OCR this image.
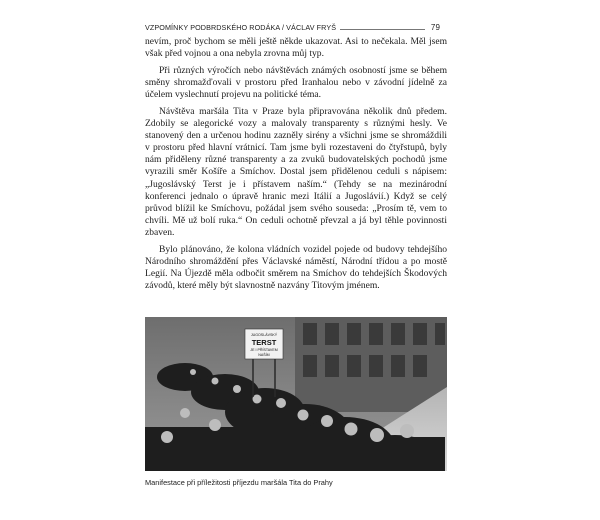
VZPOMÍNKY PODBRDSKÉHO RODÁKA / VÁCLAV FRYŠ	79

nevím, proč bychom se měli ještě někde ukazovat. Asi to nečekala. Měl jsem však před vojnou a ona nebyla zrovna můj typ.

Při různých výročích nebo návštěvách známých osobností jsme se během směny shromažďovali v prostoru před Iranhalou nebo v závodní jídelně za účelem vyslechnutí projevu na politické téma.

Návštěva maršála Tita v Praze byla připravována několik dnů předem. Zdobily se alegorické vozy a malovaly transparenty s různými hesly. Ve stanovený den a určenou hodinu zazněly sirény a všichni jsme se shromáždili v prostoru před hlavní vrátnicí. Tam jsme byli rozestaveni do čtyřstupů, byly nám přiděleny různé transparenty a za zvuků budovatelských pochodů jsme vyrazili směr Košíře a Smíchov. Dostal jsem přidělenou ceduli s nápisem: „Jugoslávský Terst je i přístavem naším.“ (Tehdy se na mezinárodní konferenci jednalo o úpravě hranic mezi Itálií a Jugoslávií.) Když se celý průvod blížil ke Smíchovu, požádal jsem svého souseda: „Prosím tě, vem to chvíli. Mě už bolí ruka.“ On ceduli ochotně převzal a já byl těhle povinnosti zbaven.

Bylo plánováno, že kolona vládních vozidel pojede od budovy tehdejšího Národního shromáždění přes Václavské náměstí, Národní třídou a po mostě Legií. Na Újezdě měla odbočit směrem na Smíchov do tehdejších Škodových závodů, které měly být slavnostně nazvány Titovým jménem.

JUGOSLÁVSKÝ
TERST
JE I PŘÍSTAVEM
NAŠÍM
Manifestace při příležitosti příjezdu maršála Tita do Prahy
